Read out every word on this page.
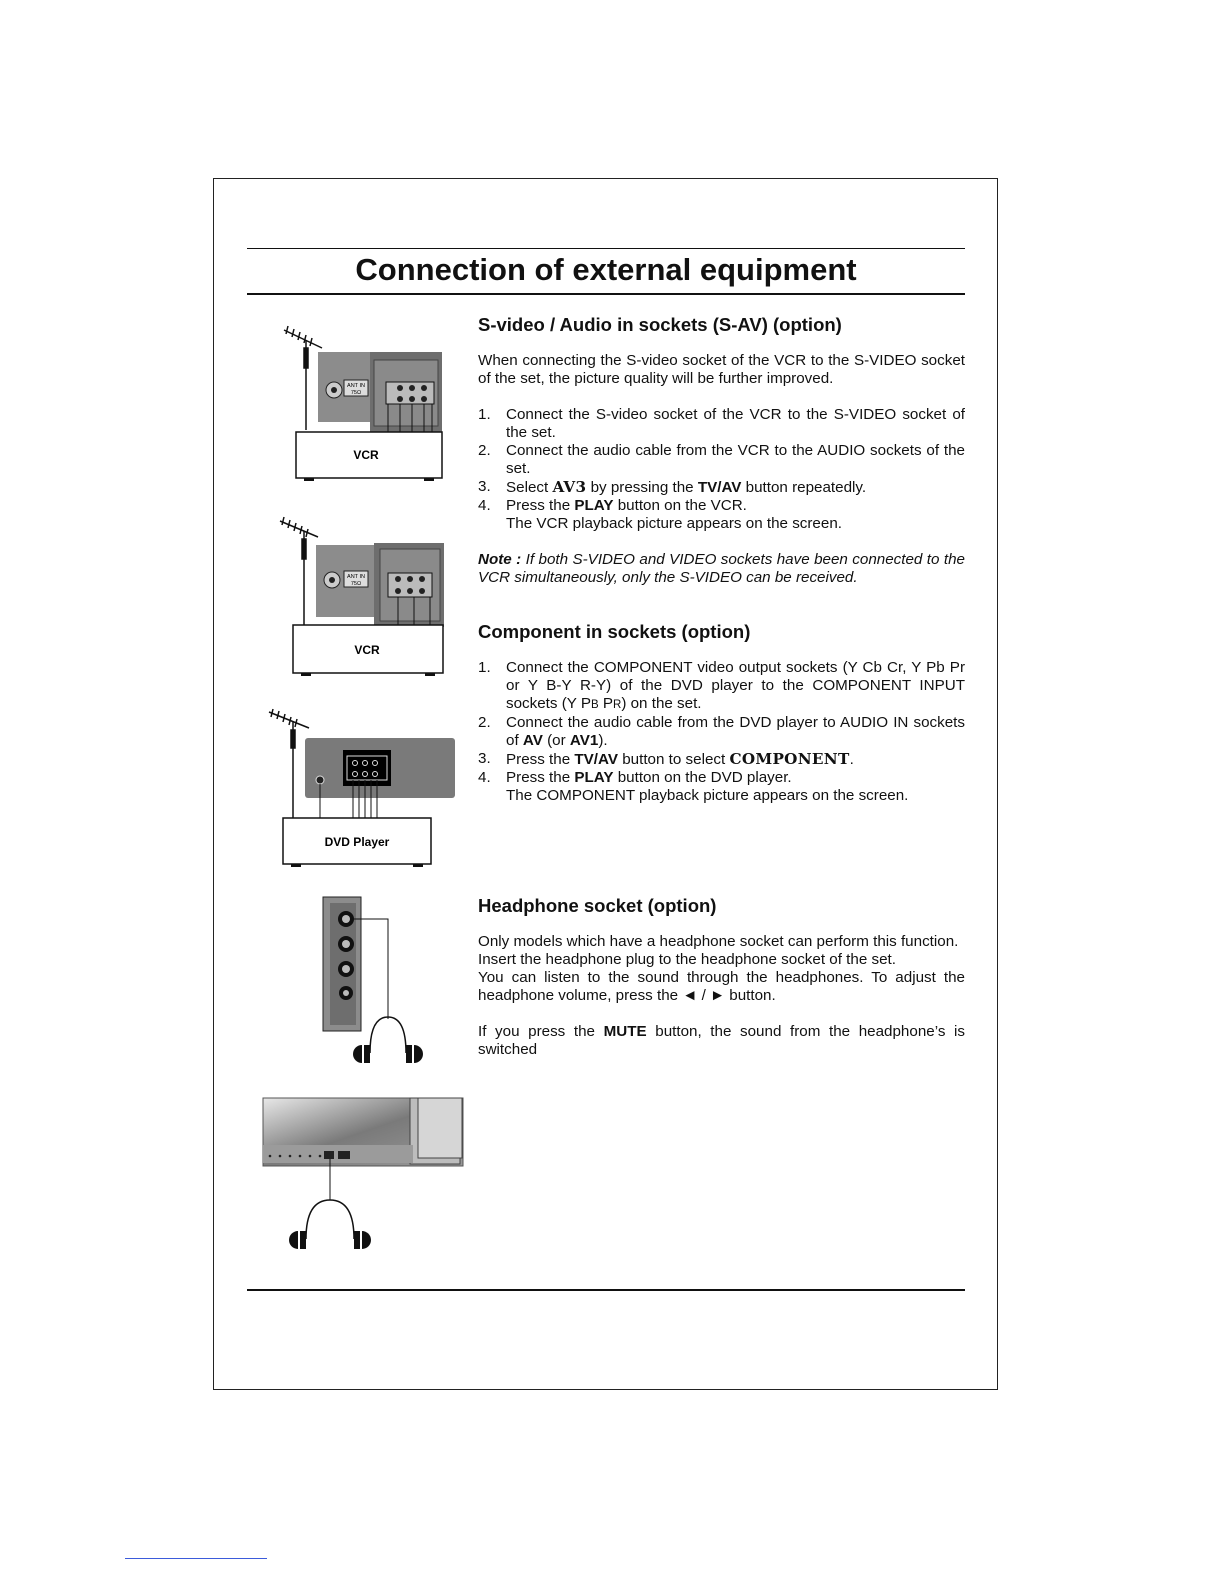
Connection of external equipment
ANT IN
75Ω
VCR
ANT IN
75Ω
VCR
DVD Player
S-video / Audio in sockets (S-AV) (option)

When connecting the S-video socket of the VCR to the S-VIDEO socket of the set, the picture quality will be further improved.

1. Connect the S-video socket of the VCR to the S-VIDEO socket of the set.
2. Connect the audio cable from the VCR to the AUDIO sockets of the set.
3. Select AV3 by pressing the TV/AV button repeatedly.
4. Press the PLAY button on the VCR.
The VCR playback picture appears on the screen.

Note : If both S-VIDEO and VIDEO sockets have been connected to the VCR simultaneously, only the S-VIDEO can be received.

Component in sockets (option)
1. Connect the COMPONENT video output sockets (Y Cb Cr, Y Pb Pr or Y B-Y R-Y) of the DVD player to the COMPONENT INPUT sockets (Y PB PR) on the set.
2. Connect the audio cable from the DVD player to AUDIO IN sockets of AV (or AV1).
3. Press the TV/AV button to select COMPONENT.
4. Press the PLAY button on the DVD player.
The COMPONENT playback picture appears on the screen.
Headphone socket (option)

Only models which have a headphone socket can perform this function.

Insert the headphone plug to the headphone socket of the set.

You can listen to the sound through the headphones. To adjust the headphone volume, press the ◄ / ► button.

If you press the MUTE button, the sound from the headphone’s is switched
